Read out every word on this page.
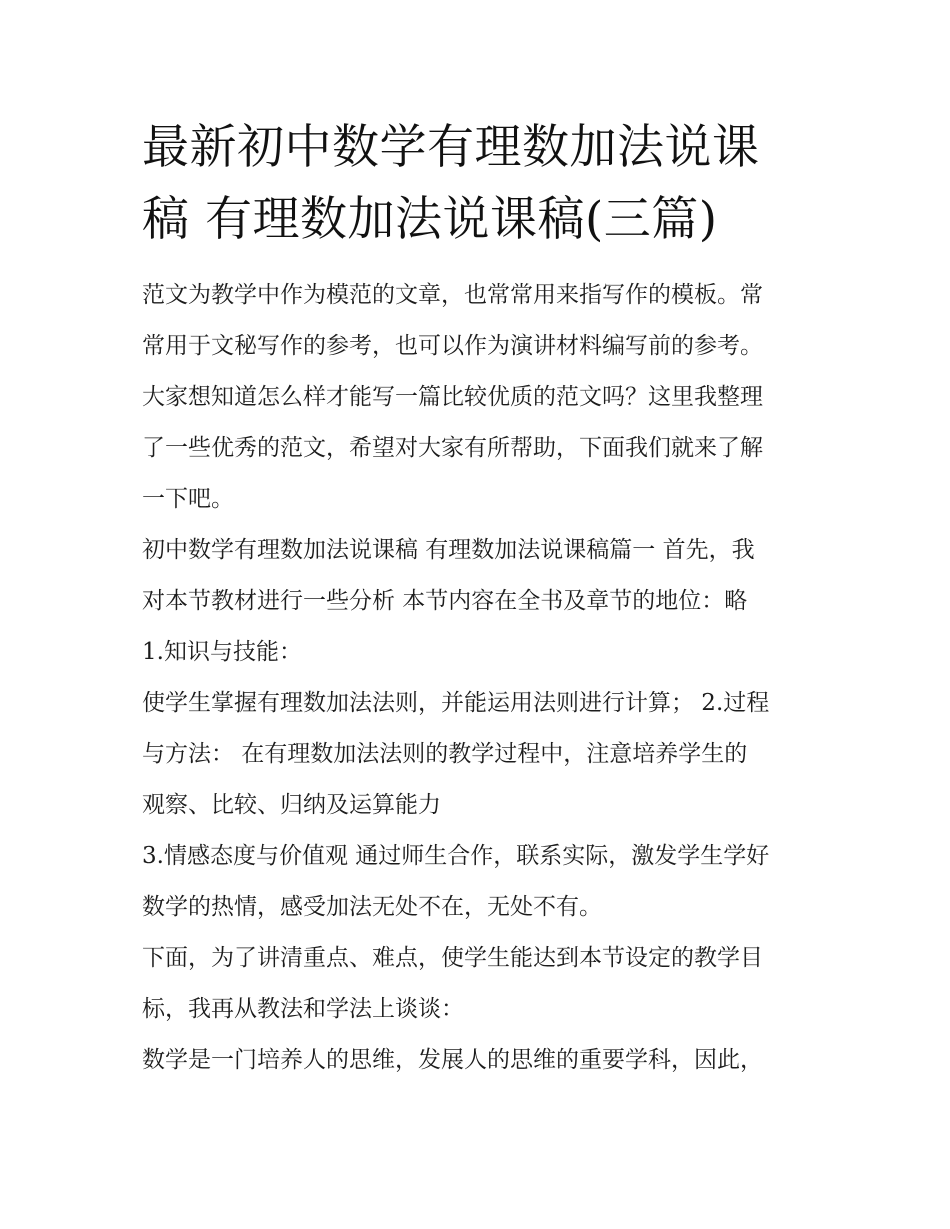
最新初中数学有理数加法说课
稿 有理数加法说课稿(三篇)

范文为教学中作为模范的文章，也常常用来指写作的模板。常
常用于文秘写作的参考，也可以作为演讲材料编写前的参考。
大家想知道怎么样才能写一篇比较优质的范文吗？这里我整理
了一些优秀的范文，希望对大家有所帮助，下面我们就来了解
一下吧。

初中数学有理数加法说课稿 有理数加法说课稿篇一 首先，我
对本节教材进行一些分析 本节内容在全书及章节的地位：略

1.知识与技能：

使学生掌握有理数加法法则，并能运用法则进行计算； 2.过程
与方法： 在有理数加法法则的教学过程中，注意培养学生的
观察、比较、归纳及运算能力

3.情感态度与价值观 通过师生合作，联系实际，激发学生学好
数学的热情，感受加法无处不在，无处不有。

下面，为了讲清重点、难点，使学生能达到本节设定的教学目
标，我再从教法和学法上谈谈：

数学是一门培养人的思维，发展人的思维的重要学科，因此，
